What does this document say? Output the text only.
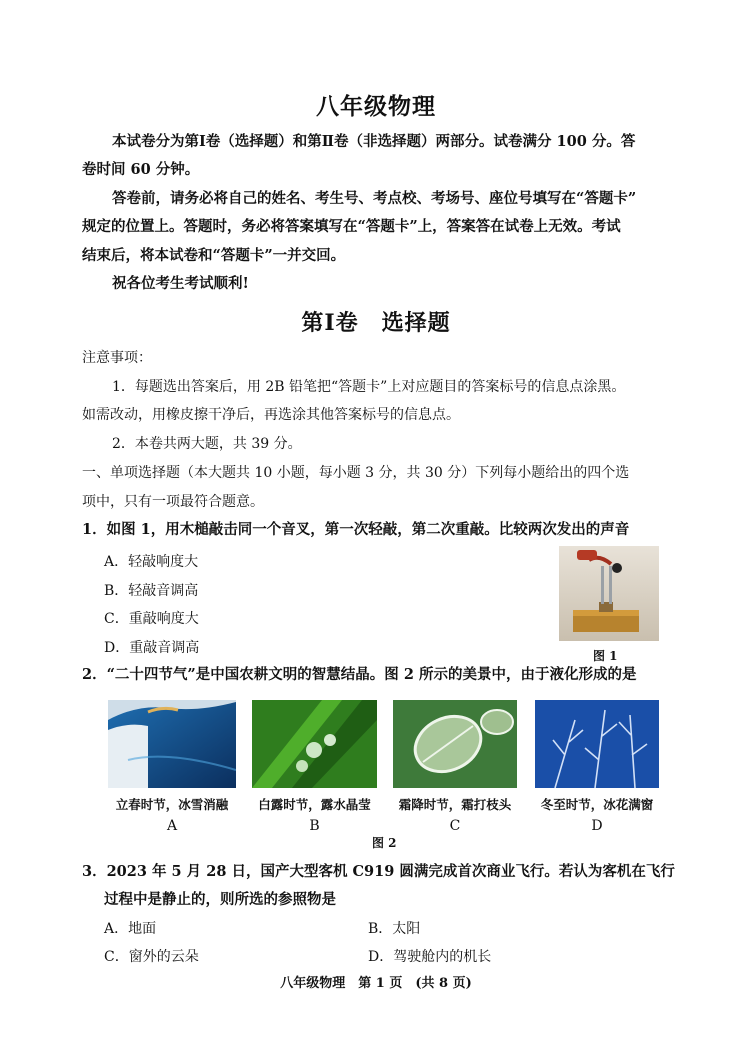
八年级物理
本试卷分为第Ⅰ卷（选择题）和第Ⅱ卷（非选择题）两部分。试卷满分 100 分。答
卷时间 60 分钟。
答卷前，请务必将自己的姓名、考生号、考点校、考场号、座位号填写在“答题卡”
规定的位置上。答题时，务必将答案填写在“答题卡”上，答案答在试卷上无效。考试
结束后，将本试卷和“答题卡”一并交回。
祝各位考生考试顺利!
第Ⅰ卷　选择题
注意事项：
1．每题选出答案后，用 2B 铅笔把“答题卡”上对应题目的答案标号的信息点涂黑。
如需改动，用橡皮擦干净后，再选涂其他答案标号的信息点。
2．本卷共两大题，共 39 分。
一、单项选择题（本大题共 10 小题，每小题 3 分，共 30 分）下列每小题给出的四个选
项中，只有一项最符合题意。
1．如图 1，用木槌敲击同一个音叉，第一次轻敲，第二次重敲。比较两次发出的声音
A．轻敲响度大
B．轻敲音调高
C．重敲响度大
D．重敲音调高	图 1
2．“二十四节气”是中国农耕文明的智慧结晶。图 2 所示的美景中，由于液化形成的是
立春时节，冰雪消融	白露时节，露水晶莹	霜降时节，霜打枝头	冬至时节，冰花满窗
A	B	C	D
图 2
3．2023 年 5 月 28 日，国产大型客机 C919 圆满完成首次商业飞行。若认为客机在飞行
过程中是静止的，则所选的参照物是
A．地面	B．太阳
C．窗外的云朵	D．驾驶舱内的机长
八年级物理　第 1 页　(共 8 页)
